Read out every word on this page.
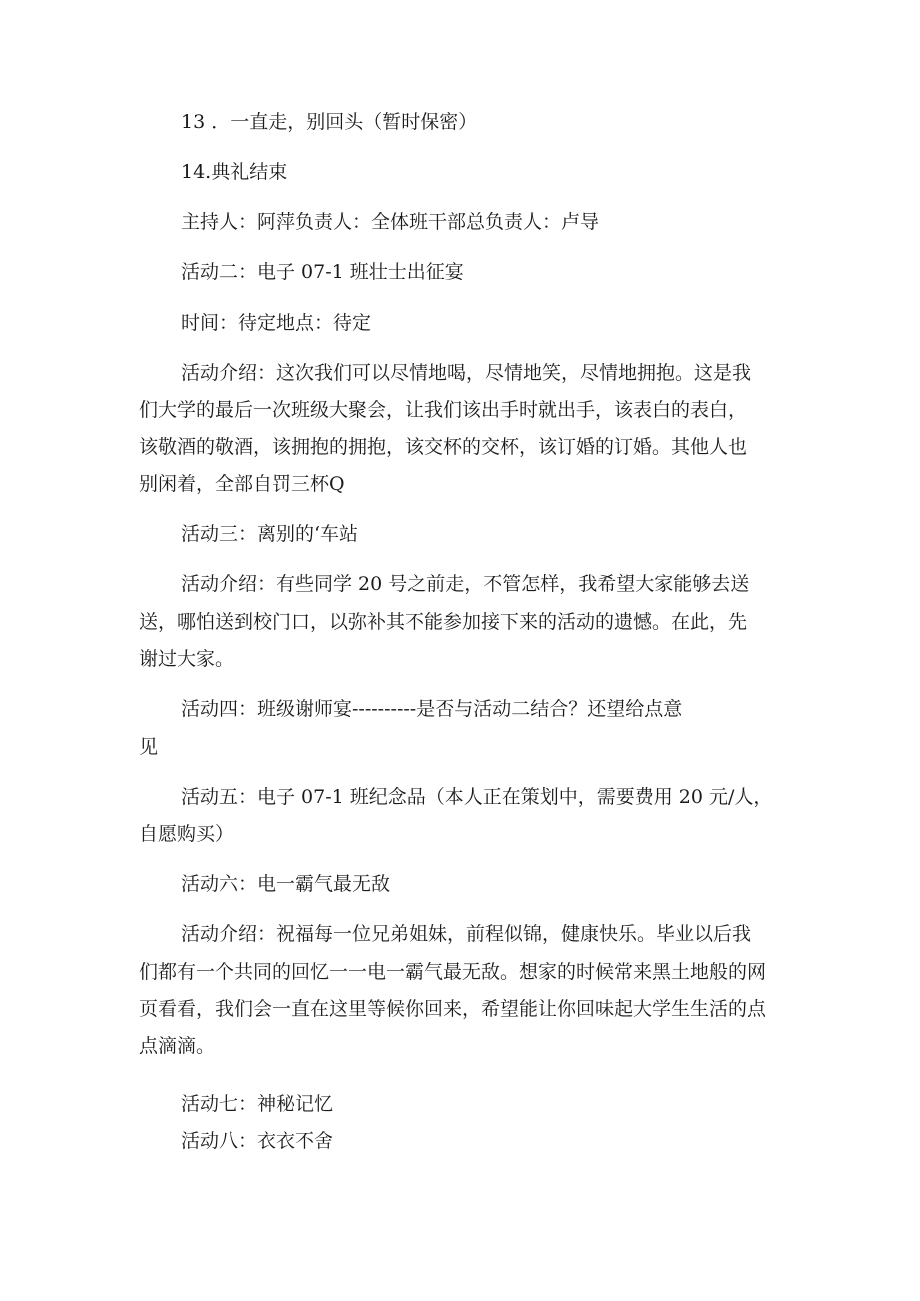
13 ．一直走，别回头（暂时保密）
14.典礼结束
主持人：阿萍负责人：全体班干部总负责人：卢导
活动二：电子 07-1 班壮士出征宴
时间：待定地点：待定
活动介绍：这次我们可以尽情地喝，尽情地笑，尽情地拥抱。这是我
们大学的最后一次班级大聚会，让我们该出手时就出手，该表白的表白，
该敬酒的敬酒，该拥抱的拥抱，该交杯的交杯，该订婚的订婚。其他人也
别闲着，全部自罚三杯Q
活动三：离别的‘车站
活动介绍：有些同学 20 号之前走，不管怎样，我希望大家能够去送
送，哪怕送到校门口，以弥补其不能参加接下来的活动的遗憾。在此，先
谢过大家。
活动四：班级谢师宴----------是否与活动二结合？还望给点意
见
活动五：电子 07-1 班纪念品（本人正在策划中，需要费用 20 元/人，
自愿购买）
活动六：电一霸气最无敌
活动介绍：祝福每一位兄弟姐妹，前程似锦，健康快乐。毕业以后我
们都有一个共同的回忆一一电一霸气最无敌。想家的时候常来黑土地般的网
页看看，我们会一直在这里等候你回来，希望能让你回味起大学生生活的点
点滴滴。
活动七：神秘记忆
活动八：衣衣不舍
